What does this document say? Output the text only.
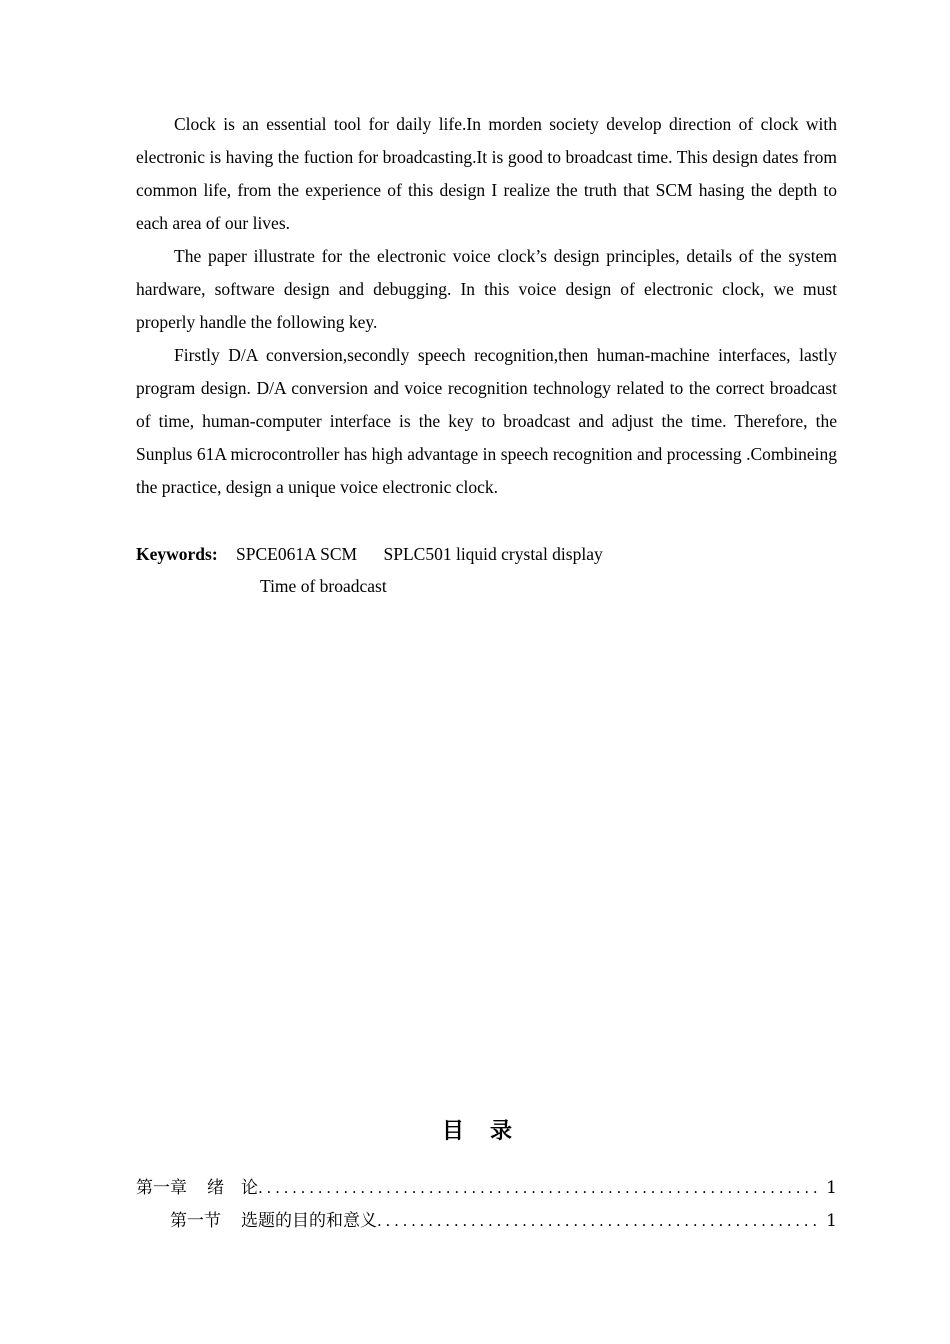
Clock is an essential tool for daily life.In morden society develop direction of clock with electronic is having the fuction for broadcasting.It is good to broadcast time. This design dates from common life, from the experience of this design I realize the truth that SCM hasing the depth to each area of our lives.

The paper illustrate for the electronic voice clock’s design principles, details of the system hardware, software design and debugging. In this voice design of electronic clock, we must properly handle the following key.

Firstly D/A conversion,secondly speech recognition,then human-machine interfaces, lastly program design. D/A conversion and voice recognition technology related to the correct broadcast of time, human-computer interface is the key to broadcast and adjust the time. Therefore, the Sunplus 61A microcontroller has high advantage in speech recognition and processing .Combineing the practice, design a unique voice electronic clock.

Keywords: SPCE061A SCM SPLC501 liquid crystal display
Time of broadcast
目录
第一章 绪　论 . . .	1
第一节 选题的目的和意义 . . .	1
